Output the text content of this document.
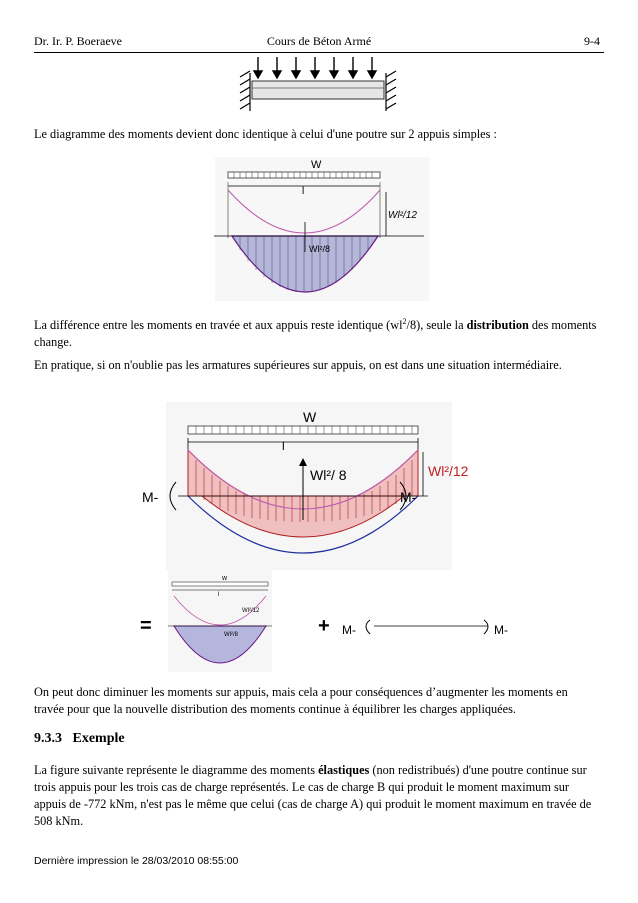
Dr. Ir. P. Boeraeve	Cours de Béton Armé	9-4
Le diagramme des moments devient donc identique à celui d'une poutre sur 2 appuis simples :
W
l
Wl²/8
Wl²/12
La différence entre les moments en travée et aux appuis reste identique $(wl^2/8)$, seule la distribution des moments change.
En pratique, si on n'oublie pas les armatures supérieures sur appuis, on est dans une situation intermédiaire.
W
l
Wl²/ 8	Wl²/12
M-	M-
w
l
Wl²/8
Wl²/12
=	+ M-	M-
On peut donc diminuer les moments sur appuis, mais cela a pour conséquences d’augmenter les moments en travée pour que la nouvelle distribution des moments continue à équilibrer les charges appliquées.
9.3.3 Exemple
La figure suivante représente le diagramme des moments élastiques (non redistribués) d'une poutre continue sur trois appuis pour les trois cas de charge représentés. Le cas de charge B qui produit le moment maximum sur appuis de -772 kNm, n'est pas le même que celui (cas de charge A) qui produit le moment maximum en travée de 508 kNm.
Dernière impression le 28/03/2010 08:55:00
